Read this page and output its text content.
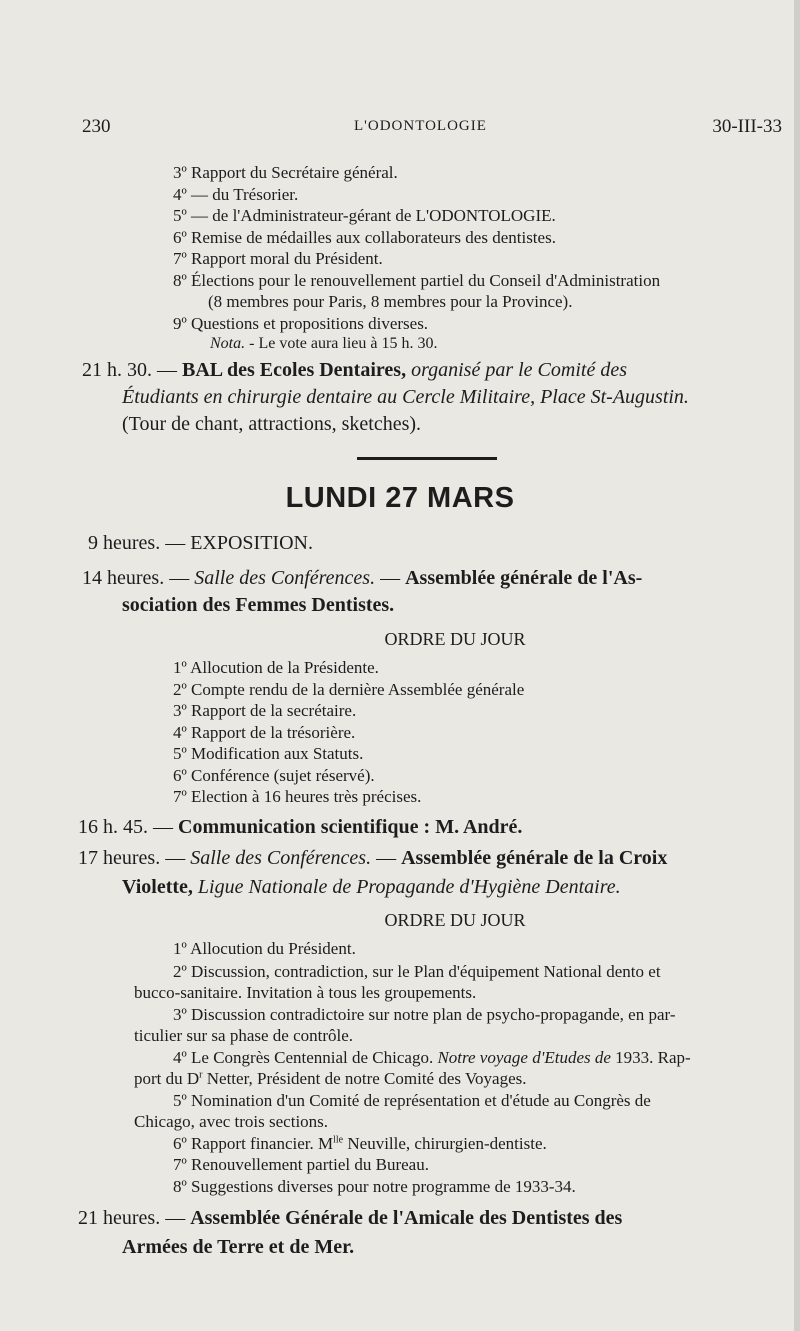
230	L'ODONTOLOGIE	30-III-33
3º Rapport du Secrétaire général.
4º — du Trésorier.
5º — de l'Administrateur-gérant de L'ODONTOLOGIE.
6º Remise de médailles aux collaborateurs des dentistes.
7º Rapport moral du Président.
8º Élections pour le renouvellement partiel du Conseil d'Administration
(8 membres pour Paris, 8 membres pour la Province).
9º Questions et propositions diverses.
Nota. - Le vote aura lieu à 15 h. 30.
21 h. 30. — BAL des Ecoles Dentaires, organisé par le Comité des
Étudiants en chirurgie dentaire au Cercle Militaire, Place St-Augustin.
(Tour de chant, attractions, sketches).
LUNDI 27 MARS
9 heures. — EXPOSITION.
14 heures. — Salle des Conférences. — Assemblée générale de l'As-
sociation des Femmes Dentistes.
ORDRE DU JOUR
1º Allocution de la Présidente.
2º Compte rendu de la dernière Assemblée générale
3º Rapport de la secrétaire.
4º Rapport de la trésorière.
5º Modification aux Statuts.
6º Conférence (sujet réservé).
7º Election à 16 heures très précises.
16 h. 45. — Communication scientifique : M. André.
17 heures. — Salle des Conférences. — Assemblée générale de la Croix
Violette, Ligue Nationale de Propagande d'Hygiène Dentaire.
ORDRE DU JOUR
1º Allocution du Président.
2º Discussion, contradiction, sur le Plan d'équipement National dento et
bucco-sanitaire. Invitation à tous les groupements.
3º Discussion contradictoire sur notre plan de psycho-propagande, en par-
ticulier sur sa phase de contrôle.
4º Le Congrès Centennial de Chicago. Notre voyage d'Etudes de 1933. Rap-
port du $D^r$ Netter, Président de notre Comité des Voyages.
5º Nomination d'un Comité de représentation et d'étude au Congrès de
Chicago, avec trois sections.
6º Rapport financier. $M^{lle}$ Neuville, chirurgien-dentiste.
7º Renouvellement partiel du Bureau.
8º Suggestions diverses pour notre programme de 1933-34.
21 heures. — Assemblée Générale de l'Amicale des Dentistes des
Armées de Terre et de Mer.
